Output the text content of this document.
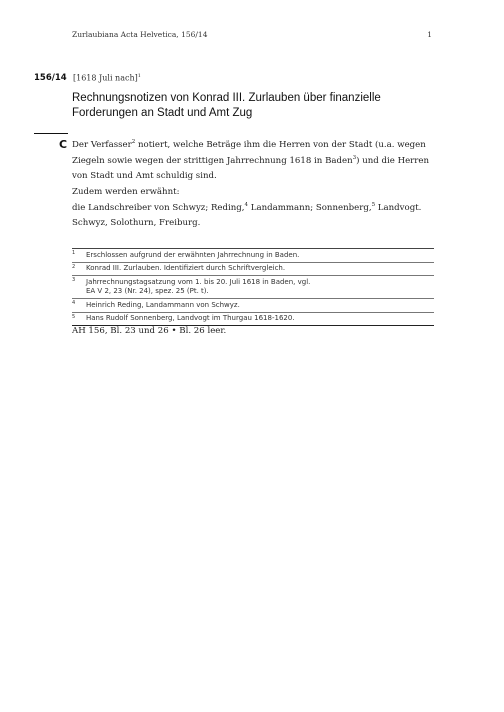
Zurlaubiana Acta Helvetica, 156/14	1
156/14 [1618 Juli nach]$^1$
Rechnungsnotizen von Konrad III. Zurlauben über finanzielle
Forderungen an Stadt und Amt Zug
C Der Verfasser$^2$ notiert, welche Beträge ihm die Herren von der Stadt (u.a. wegen Ziegeln sowie wegen der strittigen Jahrrechnung 1618 in Baden$^3$) und die Herren von Stadt und Amt schuldig sind.
Zudem werden erwähnt:
die Landschreiber von Schwyz; Reding,$^4$ Landammann; Sonnenberg,$^5$ Landvogt. Schwyz, Solothurn, Freiburg.
1 Erschlossen aufgrund der erwähnten Jahrrechnung in Baden.
2 Konrad III. Zurlauben. Identifiziert durch Schriftvergleich.
3 Jahrrechnungstagsatzung vom 1. bis 20. Juli 1618 in Baden, vgl.
EA V 2, 23 (Nr. 24), spez. 25 (Pt. t).
4 Heinrich Reding, Landammann von Schwyz.
5 Hans Rudolf Sonnenberg, Landvogt im Thurgau 1618-1620.
AH 156, Bl. 23 und 26 • Bl. 26 leer.
